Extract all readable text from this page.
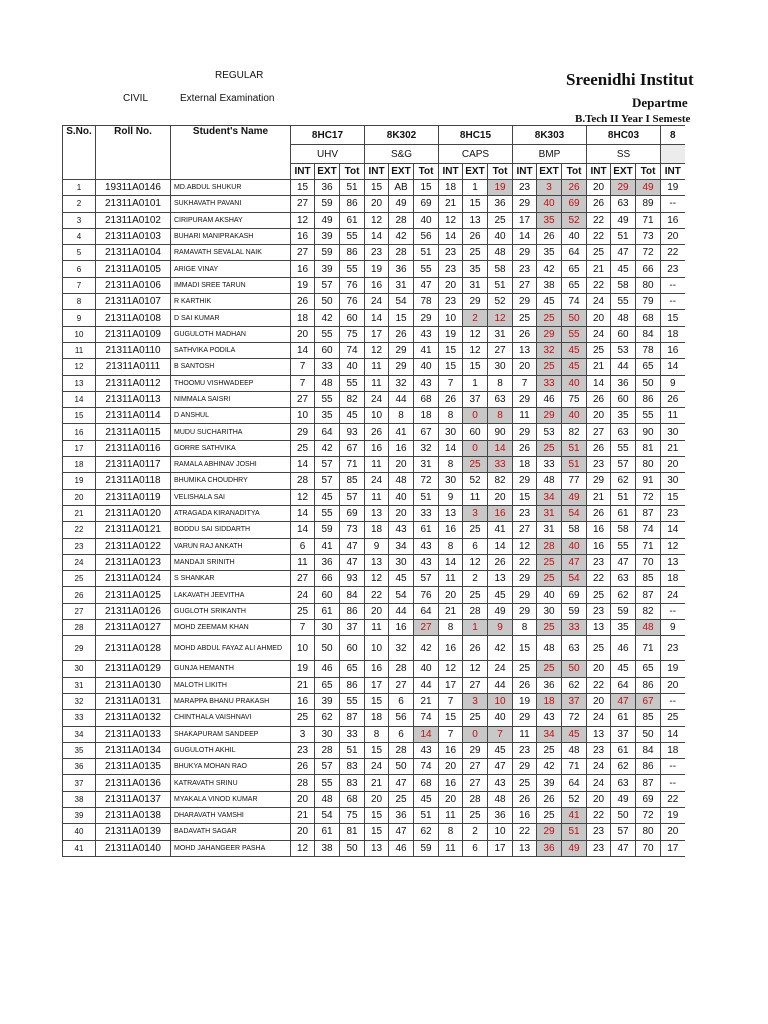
REGULAR
CIVIL	External Examination
Sreenidhi Institut
Departme
B.Tech II Year I Semeste
S.No.	Roll No.	Student's Name	8HC17			8K302			8HC15			8K303			8HC03			8
			UHV			S&G			CAPS			BMP			SS			
			INT	EXT	Tot	INT	EXT	Tot	INT	EXT	Tot	INT	EXT	Tot	INT	EXT	Tot	INT
1	19311A0146	MD.ABDUL SHUKUR	15	36	51	15	AB	15	18	1	19	23	3	26	20	29	49	19
2	21311A0101	SUKHAVATH PAVANI	27	59	86	20	49	69	21	15	36	29	40	69	26	63	89	--
3	21311A0102	CIRIPURAM AKSHAY	12	49	61	12	28	40	12	13	25	17	35	52	22	49	71	16
4	21311A0103	BUHARI MANIPRAKASH	16	39	55	14	42	56	14	26	40	14	26	40	22	51	73	20
5	21311A0104	RAMAVATH SEVALAL NAIK	27	59	86	23	28	51	23	25	48	29	35	64	25	47	72	22
6	21311A0105	ARIGE VINAY	16	39	55	19	36	55	23	35	58	23	42	65	21	45	66	23
7	21311A0106	IMMADI SREE TARUN	19	57	76	16	31	47	20	31	51	27	38	65	22	58	80	--
8	21311A0107	R KARTHIK	26	50	76	24	54	78	23	29	52	29	45	74	24	55	79	--
9	21311A0108	D SAI KUMAR	18	42	60	14	15	29	10	2	12	25	25	50	20	48	68	15
10	21311A0109	GUGULOTH MADHAN	20	55	75	17	26	43	19	12	31	26	29	55	24	60	84	18
11	21311A0110	SATHVIKA PODILA	14	60	74	12	29	41	15	12	27	13	32	45	25	53	78	16
12	21311A0111	B SANTOSH	7	33	40	11	29	40	15	15	30	20	25	45	21	44	65	14
13	21311A0112	THOOMU VISHWADEEP	7	48	55	11	32	43	7	1	8	7	33	40	14	36	50	9
14	21311A0113	NIMMALA SAISRI	27	55	82	24	44	68	26	37	63	29	46	75	26	60	86	26
15	21311A0114	D ANSHUL	10	35	45	10	8	18	8	0	8	11	29	40	20	35	55	11
16	21311A0115	MUDU SUCHARITHA	29	64	93	26	41	67	30	60	90	29	53	82	27	63	90	30
17	21311A0116	GORRE SATHVIKA	25	42	67	16	16	32	14	0	14	26	25	51	26	55	81	21
18	21311A0117	RAMALA ABHINAV JOSHI	14	57	71	11	20	31	8	25	33	18	33	51	23	57	80	20
19	21311A0118	BHUMIKA CHOUDHRY	28	57	85	24	48	72	30	52	82	29	48	77	29	62	91	30
20	21311A0119	VELISHALA SAI	12	45	57	11	40	51	9	11	20	15	34	49	21	51	72	15
21	21311A0120	ATRAGADA KIRANADITYA	14	55	69	13	20	33	13	3	16	23	31	54	26	61	87	23
22	21311A0121	BODDU SAI SIDDARTH	14	59	73	18	43	61	16	25	41	27	31	58	16	58	74	14
23	21311A0122	VARUN RAJ ANKATH	6	41	47	9	34	43	8	6	14	12	28	40	16	55	71	12
24	21311A0123	MANDAJI SRINITH	11	36	47	13	30	43	14	12	26	22	25	47	23	47	70	13
25	21311A0124	S SHANKAR	27	66	93	12	45	57	11	2	13	29	25	54	22	63	85	18
26	21311A0125	LAKAVATH JEEVITHA	24	60	84	22	54	76	20	25	45	29	40	69	25	62	87	24
27	21311A0126	GUGLOTH SRIKANTH	25	61	86	20	44	64	21	28	49	29	30	59	23	59	82	--
28	21311A0127	MOHD ZEEMAM KHAN	7	30	37	11	16	27	8	1	9	8	25	33	13	35	48	9
29	21311A0128	MOHD ABDUL FAYAZ ALI AHMED	10	50	60	10	32	42	16	26	42	15	48	63	25	46	71	23
30	21311A0129	GUNJA HEMANTH	19	46	65	16	28	40	12	12	24	25	25	50	20	45	65	19
31	21311A0130	MALOTH LIKITH	21	65	86	17	27	44	17	27	44	26	36	62	22	64	86	20
32	21311A0131	MARAPPA BHANU PRAKASH	16	39	55	15	6	21	7	3	10	19	18	37	20	47	67	--
33	21311A0132	CHINTHALA VAISHNAVI	25	62	87	18	56	74	15	25	40	29	43	72	24	61	85	25
34	21311A0133	SHAKAPURAM SANDEEP	3	30	33	8	6	14	7	0	7	11	34	45	13	37	50	14
35	21311A0134	GUGULOTH AKHIL	23	28	51	15	28	43	16	29	45	23	25	48	23	61	84	18
36	21311A0135	BHUKYA MOHAN RAO	26	57	83	24	50	74	20	27	47	29	42	71	24	62	86	--
37	21311A0136	KATRAVATH SRINU	28	55	83	21	47	68	16	27	43	25	39	64	24	63	87	--
38	21311A0137	MYAKALA VINOD KUMAR	20	48	68	20	25	45	20	28	48	26	26	52	20	49	69	22
39	21311A0138	DHARAVATH VAMSHI	21	54	75	15	36	51	11	25	36	16	25	41	22	50	72	19
40	21311A0139	BADAVATH SAGAR	20	61	81	15	47	62	8	2	10	22	29	51	23	57	80	20
41	21311A0140	MOHD JAHANGEER PASHA	12	38	50	13	46	59	11	6	17	13	36	49	23	47	70	17
